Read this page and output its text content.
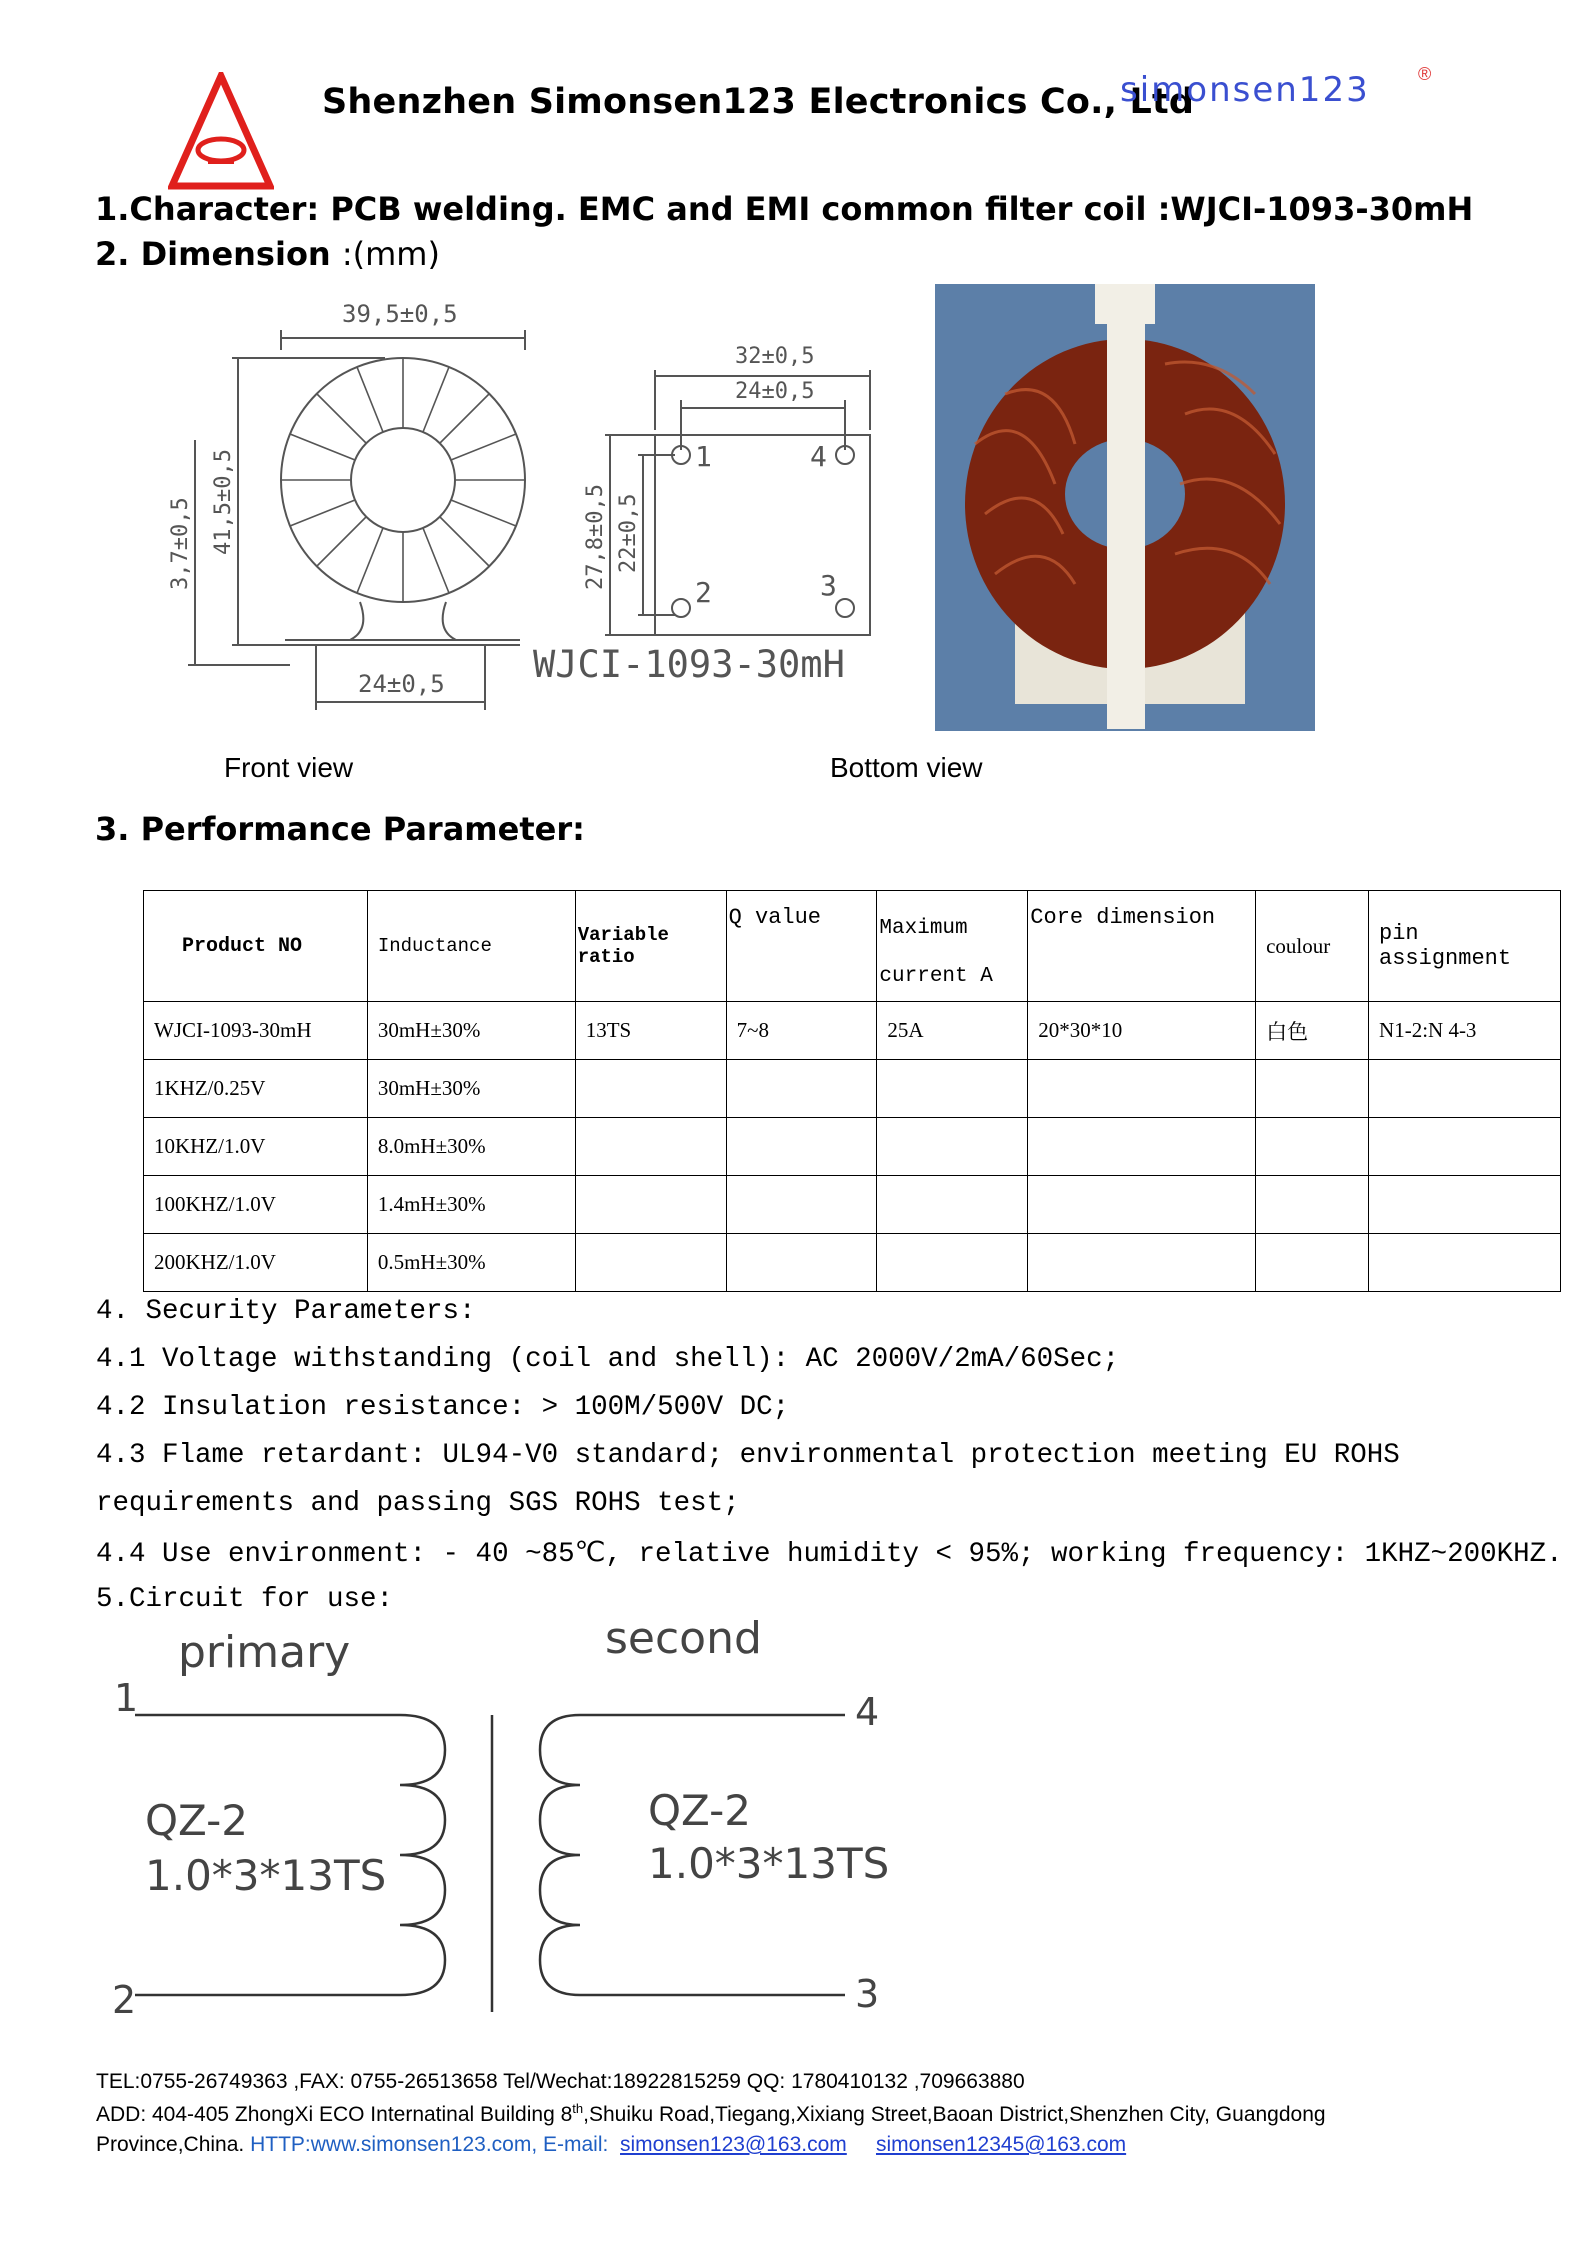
Shenzhen Simonsen123 Electronics Co., Ltd
simonsen123	®
1.Character: PCB welding. EMC and EMI common filter coil :WJCI-1093-30mH
2. Dimension :(mm)
39,5±0,5
24±0,5
32±0,5
24±0,5
1	4
2	3
WJCI-1093-30mH
41,5±0,5
3,7±0,5	27,8±0,5 22±0,5
Front view	Bottom view
3. Performance Parameter:
Product NO	Inductance	Variable ratio	Q value	Maximum current A	Core dimension	coulour	pin assignment
WJCI-1093-30mH	30mH±30%	13TS	7~8	25A	20*30*10	白色	N1-2:N 4-3
1KHZ/0.25V	30mH±30%						
10KHZ/1.0V	8.0mH±30%						
100KHZ/1.0V	1.4mH±30%						
200KHZ/1.0V	0.5mH±30%						
4. Security Parameters:
4.1 Voltage withstanding (coil and shell): AC 2000V/2mA/60Sec;
4.2 Insulation resistance: > 100M/500V DC;
4.3 Flame retardant: UL94-V0 standard; environmental protection meeting EU ROHS
requirements and passing SGS ROHS test;
4.4 Use environment: - 40 ~85℃, relative humidity < 95%; working frequency: 1KHZ~200KHZ.
5.Circuit for use:
primary	second
1
2
4
3
QZ-2
1.0*3*13TS
QZ-2
1.0*3*13TS
TEL:0755-26749363 ,FAX: 0755-26513658 Tel/Wechat:18922815259 QQ: 1780410132 ,709663880
ADD: 404-405 ZhongXi ECO Internatinal Building 8th,Shuiku Road,Tiegang,Xixiang Street,Baoan District,Shenzhen City, Guangdong
Province,China. HTTP:www.simonsen123.com, E-mail: simonsen123@163.com simonsen12345@163.com
